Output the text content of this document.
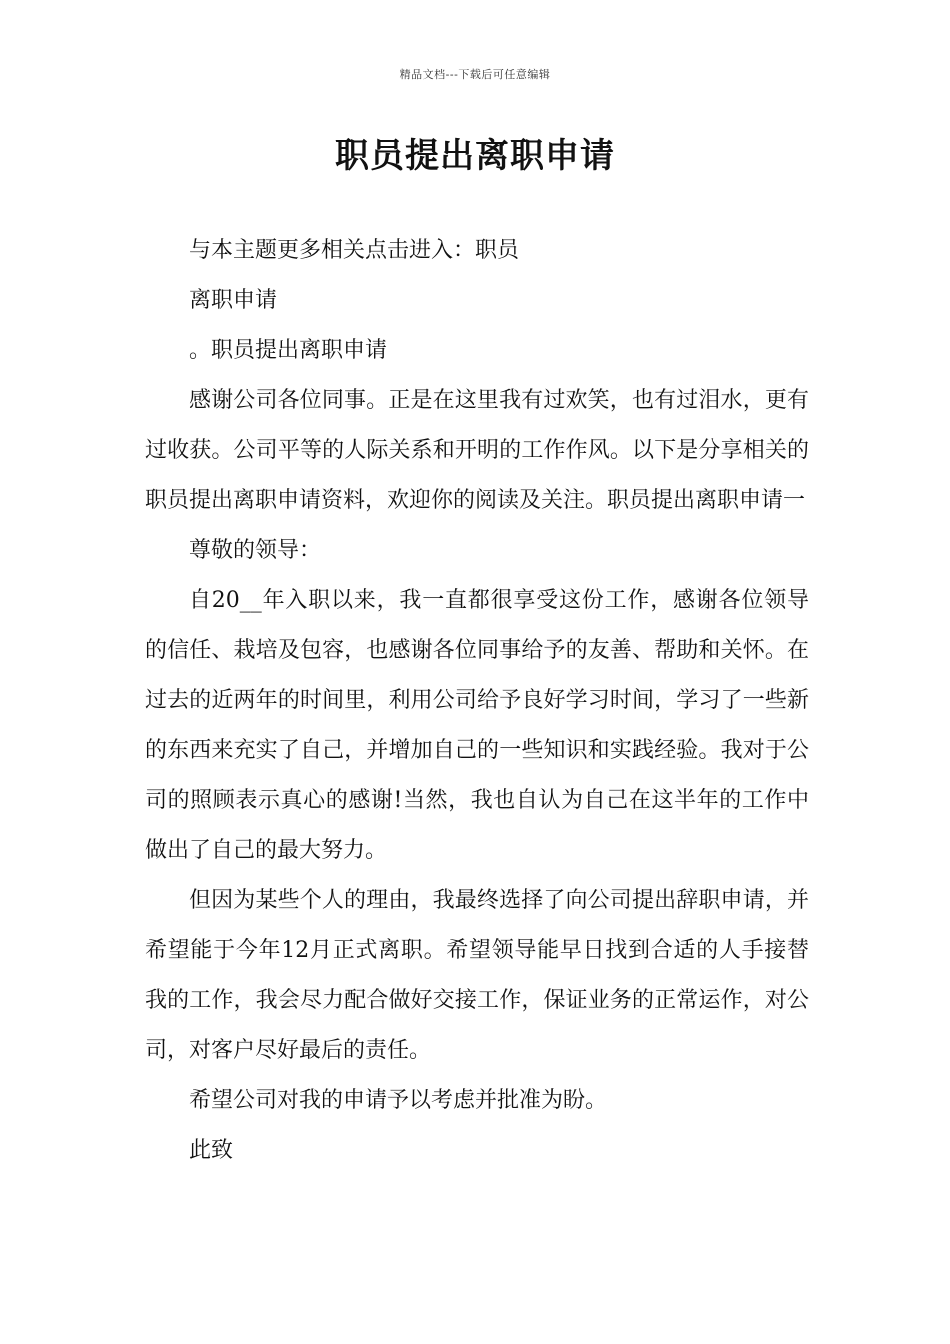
精品文档---下载后可任意编辑
职员提出离职申请

与本主题更多相关点击进入：职员

离职申请

。职员提出离职申请

感谢公司各位同事。正是在这里我有过欢笑，也有过泪水，更有过收获。公司平等的人际关系和开明的工作作风。以下是分享相关的职员提出离职申请资料，欢迎你的阅读及关注。职员提出离职申请一

尊敬的领导：

自20__年入职以来，我一直都很享受这份工作，感谢各位领导的信任、栽培及包容，也感谢各位同事给予的友善、帮助和关怀。在过去的近两年的时间里，利用公司给予良好学习时间，学习了一些新的东西来充实了自己，并增加自己的一些知识和实践经验。我对于公司的照顾表示真心的感谢!当然，我也自认为自己在这半年的工作中做出了自己的最大努力。

但因为某些个人的理由，我最终选择了向公司提出辞职申请，并希望能于今年12月正式离职。希望领导能早日找到合适的人手接替我的工作，我会尽力配合做好交接工作，保证业务的正常运作，对公司，对客户尽好最后的责任。

希望公司对我的申请予以考虑并批准为盼。

此致
